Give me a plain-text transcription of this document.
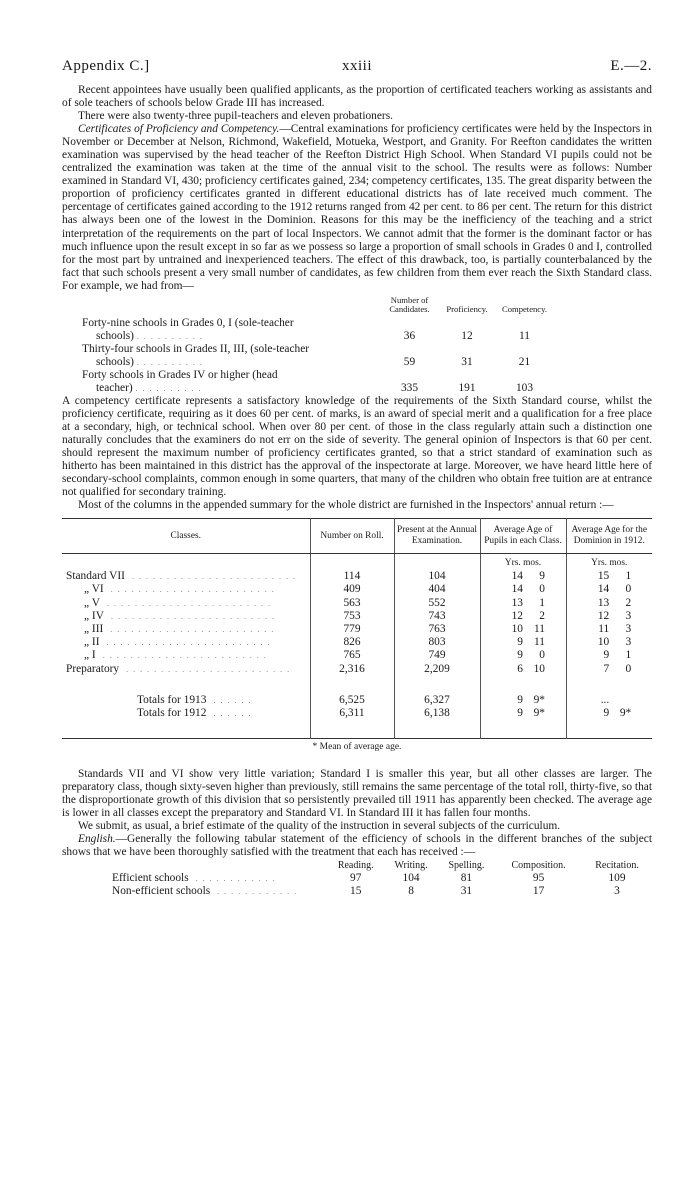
Appendix C.]	xxiii	E.—2.

Recent appointees have usually been qualified applicants, as the proportion of certificated teachers working as assistants and of sole teachers of schools below Grade III has increased.

There were also twenty-three pupil-teachers and eleven probationers.

Certificates of Proficiency and Competency.—Central examinations for proficiency certificates were held by the Inspectors in November or December at Nelson, Richmond, Wakefield, Motueka, Westport, and Granity. For Reefton candidates the written examination was supervised by the head teacher of the Reefton District High School. When Standard VI pupils could not be centralized the examination was taken at the time of the annual visit to the school. The results were as follows: Number examined in Standard VI, 430; proficiency certificates gained, 234; competency certificates, 135. The great disparity between the proportion of proficiency certificates granted in different educational districts has of late received much comment. The percentage of certificates gained according to the 1912 returns ranged from 42 per cent. to 86 per cent. The return for this district has always been one of the lowest in the Dominion. Reasons for this may be the inefficiency of the teaching and a strict interpretation of the requirements on the part of local Inspectors. We cannot admit that the former is the dominant factor or has much influence upon the result except in so far as we possess so large a proportion of small schools in Grades 0 and I, controlled for the most part by untrained and inexperienced teachers. The effect of this drawback, too, is partially counterbalanced by the fact that such schools present a very small number of candidates, as few children from them ever reach the Sixth Standard class. For example, we had from—

	Number of Candidates.	Proficiency.	Competency.
Forty-nine schools in Grades 0, I (sole-teacher			
schools) ..........	36	12	11
Thirty-four schools in Grades II, III, (sole-teacher			
schools) ..........	59	31	21
Forty schools in Grades IV or higher (head			
teacher) ..........	335	191	103

A competency certificate represents a satisfactory knowledge of the requirements of the Sixth Standard course, whilst the proficiency certificate, requiring as it does 60 per cent. of marks, is an award of special merit and a qualification for a free place at a secondary, high, or technical school. When over 80 per cent. of those in the class regularly attain such a distinction one naturally concludes that the examiners do not err on the side of severity. The general opinion of Inspectors is that 60 per cent. should represent the maximum number of proficiency certificates granted, so that a strict standard of examination such as hitherto has been maintained in this district has the approval of the inspectorate at large. Moreover, we have heard little here of secondary-school complaints, common enough in some quarters, that many of the children who obtain free tuition are at entrance not qualified for secondary training.

Most of the columns in the appended summary for the whole district are furnished in the Inspectors' annual return :—

Classes.	Number on Roll.	Present at the Annual Examination.	Average Age of Pupils in each Class.	Average Age for the Dominion in 1912.
			Yrs. mos.	Yrs. mos.
Standard VII ........................	114	104	14 9	15 1
„ VI ........................	409	404	14 0	14 0
„ V ........................	563	552	13 1	13 2
„ IV ........................	753	743	12 2	12 3
„ III ........................	779	763	10 11	11 3
„ II ........................	826	803	9 11	10 3
„ I ........................	765	749	9 0	9 1
Preparatory ........................	2,316	2,209	6 10	7 0

Totals for 1913 ......	6,525	6,327	9 9*	...
Totals for 1912 ......	6,311	6,138	9 9*	9 9*

* Mean of average age.

Standards VII and VI show very little variation; Standard I is smaller this year, but all other classes are larger. The preparatory class, though sixty-seven higher than previously, still remains the same percentage of the total roll, thirty-five, so that the disproportionate growth of this division that so persistently prevailed till 1911 has apparently been checked. The average age is lower in all classes except the preparatory and Standard VI. In Standard III it has fallen four months.

We submit, as usual, a brief estimate of the quality of the instruction in several subjects of the curriculum.

English.—Generally the following tabular statement of the efficiency of schools in the different branches of the subject shows that we have been thoroughly satisfied with the treatment that each has received :—

	Reading.	Writing.	Spelling.	Composition.	Recitation.
Efficient schools ............	97	104	81	95	109
Non-efficient schools ............	15	8	31	17	3
